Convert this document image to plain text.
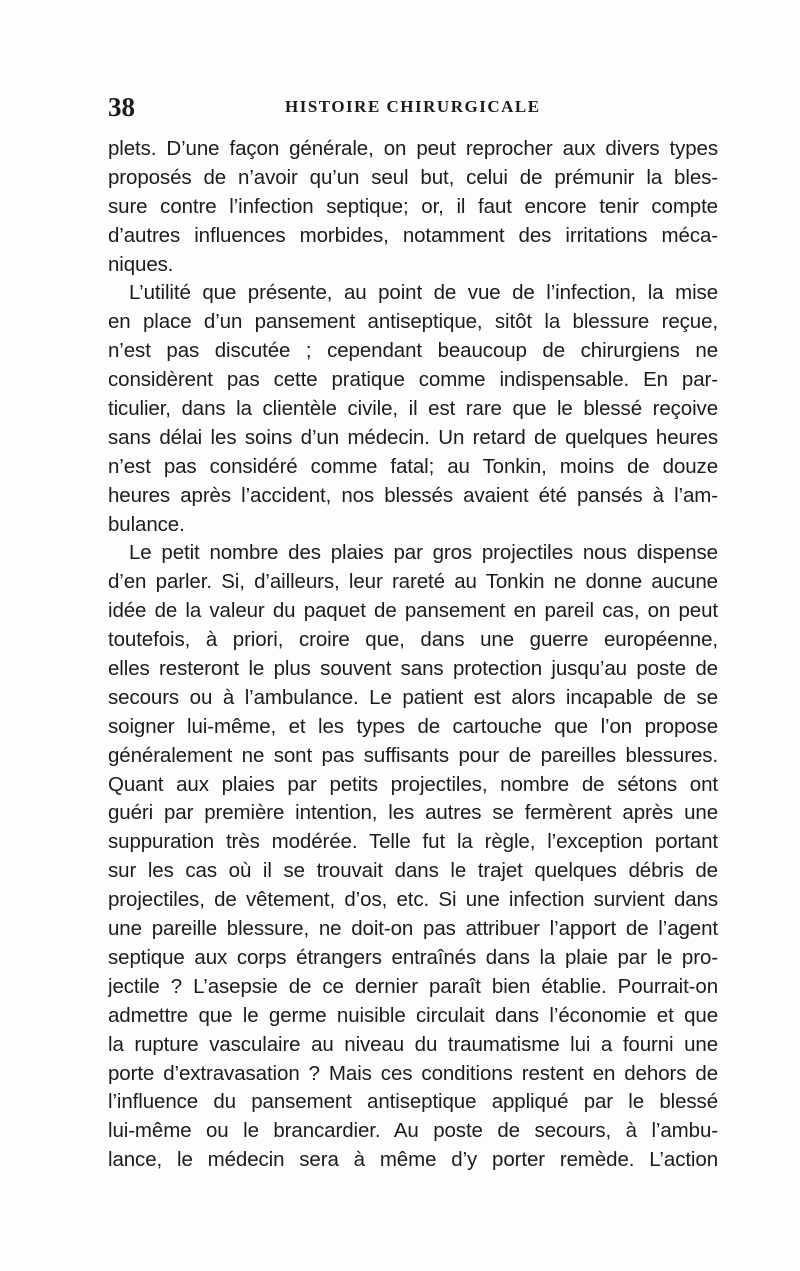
38	HISTOIRE CHIRURGICALE
plets. D’une façon générale, on peut reprocher aux divers types
proposés de n’avoir qu’un seul but, celui de prémunir la bles-
sure contre l’infection septique; or, il faut encore tenir compte
d’autres influences morbides, notamment des irritations méca-
niques.
L’utilité que présente, au point de vue de l’infection, la mise
en place d’un pansement antiseptique, sitôt la blessure reçue,
n’est pas discutée ; cependant beaucoup de chirurgiens ne
considèrent pas cette pratique comme indispensable. En par-
ticulier, dans la clientèle civile, il est rare que le blessé reçoive
sans délai les soins d’un médecin. Un retard de quelques heures
n’est pas considéré comme fatal; au Tonkin, moins de douze
heures après l’accident, nos blessés avaient été pansés à l’am-
bulance.
Le petit nombre des plaies par gros projectiles nous dispense
d’en parler. Si, d’ailleurs, leur rareté au Tonkin ne donne aucune
idée de la valeur du paquet de pansement en pareil cas, on peut
toutefois, à priori, croire que, dans une guerre européenne,
elles resteront le plus souvent sans protection jusqu’au poste de
secours ou à l’ambulance. Le patient est alors incapable de se
soigner lui-même, et les types de cartouche que l’on propose
généralement ne sont pas suffisants pour de pareilles blessures.
Quant aux plaies par petits projectiles, nombre de sétons ont
guéri par première intention, les autres se fermèrent après une
suppuration très modérée. Telle fut la règle, l’exception portant
sur les cas où il se trouvait dans le trajet quelques débris de
projectiles, de vêtement, d’os, etc. Si une infection survient dans
une pareille blessure, ne doit-on pas attribuer l’apport de l’agent
septique aux corps étrangers entraînés dans la plaie par le pro-
jectile ? L’asepsie de ce dernier paraît bien établie. Pourrait-on
admettre que le germe nuisible circulait dans l’économie et que
la rupture vasculaire au niveau du traumatisme lui a fourni une
porte d’extravasation ? Mais ces conditions restent en dehors de
l’influence du pansement antiseptique appliqué par le blessé
lui-même ou le brancardier. Au poste de secours, à l’ambu-
lance, le médecin sera à même d’y porter remède. L’action
